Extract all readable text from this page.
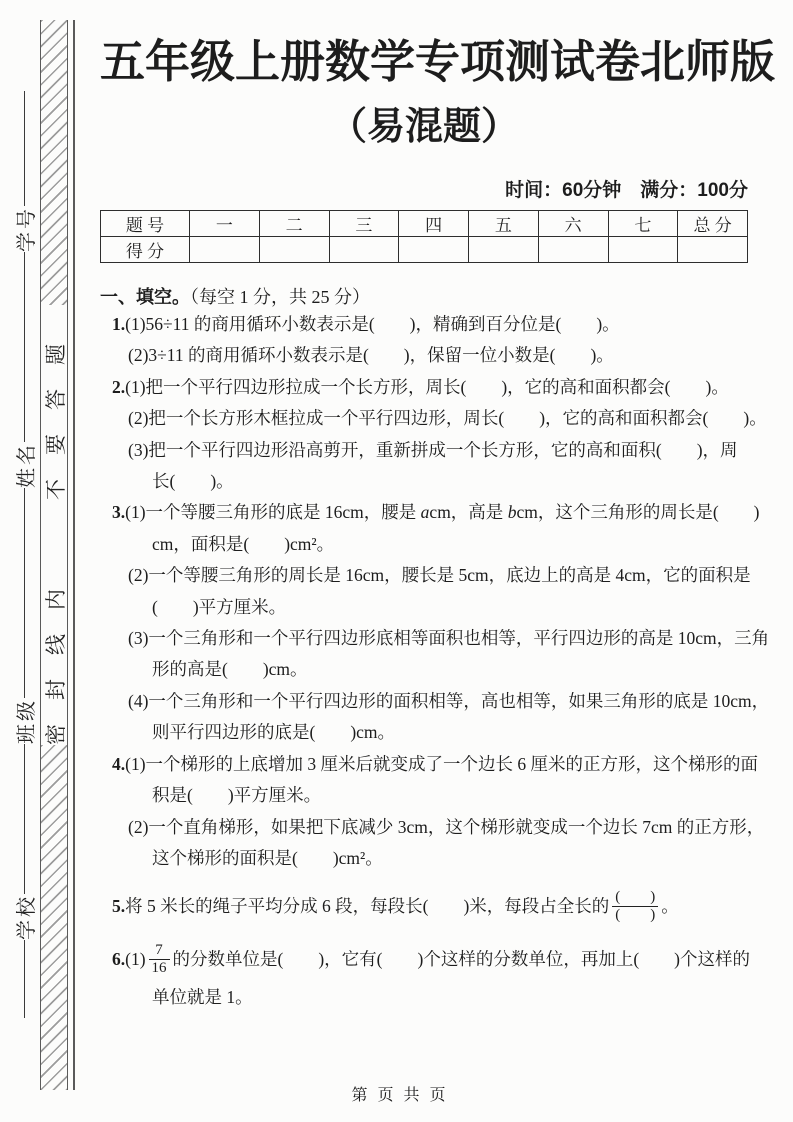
学校
班级
姓名
学号
密封线内
不要答题
五年级上册数学专项测试卷北师版
（易混题）
时间：60分钟　满分：100分
题 号	一	二	三	四	五	六	七	总 分
得 分								
一、填空。（每空 1 分，共 25 分）
1.(1)56÷11 的商用循环小数表示是(　　)，精确到百分位是(　　)。
(2)3÷11 的商用循环小数表示是(　　)，保留一位小数是(　　)。
2.(1)把一个平行四边形拉成一个长方形，周长(　　)，它的高和面积都会(　　)。
(2)把一个长方形木框拉成一个平行四边形，周长(　　)，它的高和面积都会(　　)。
(3)把一个平行四边形沿高剪开，重新拼成一个长方形，它的高和面积(　　)，周
长(　　)。
3.(1)一个等腰三角形的底是 16cm，腰是 acm，高是 bcm，这个三角形的周长是(　　)
cm，面积是(　　)cm²。
(2)一个等腰三角形的周长是 16cm，腰长是 5cm，底边上的高是 4cm，它的面积是
(　　)平方厘米。
(3)一个三角形和一个平行四边形底相等面积也相等，平行四边形的高是 10cm，三角
形的高是(　　)cm。
(4)一个三角形和一个平行四边形的面积相等，高也相等，如果三角形的底是 10cm，
则平行四边形的底是(　　)cm。
4.(1)一个梯形的上底增加 3 厘米后就变成了一个边长 6 厘米的正方形，这个梯形的面
积是(　　)平方厘米。
(2)一个直角梯形，如果把下底减少 3cm，这个梯形就变成一个边长 7cm 的正方形，
这个梯形的面积是(　　)cm²。
5.将 5 米长的绳子平均分成 6 段，每段长(　　)米，每段占全长的 $\frac{( )}{( )}$ 。
$6.(1) \frac{7}{16}$ 的分数单位是(　　)，它有(　　)个这样的分数单位，再加上(　　)个这样的
单位就是 1。
第 页 共 页
